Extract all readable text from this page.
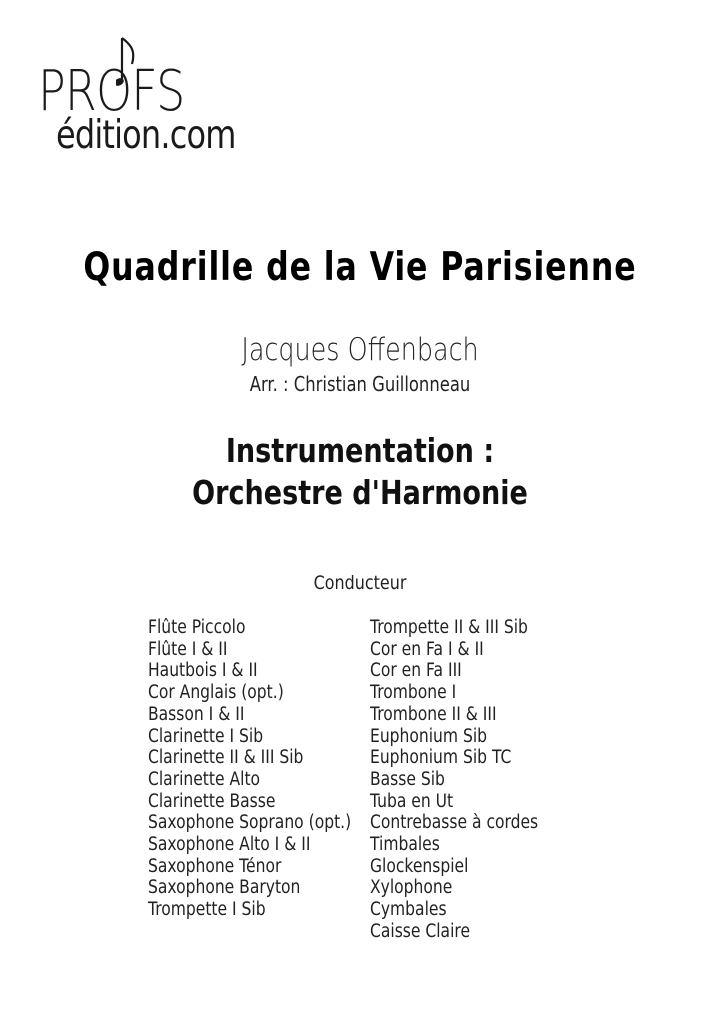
PROFS
édition.com
Quadrille de la Vie Parisienne
Jacques Offenbach
Arr. : Christian Guillonneau
Instrumentation :
Orchestre d'Harmonie
Conducteur
Flûte Piccolo
Flûte I & II
Hautbois I & II
Cor Anglais (opt.)
Basson I & II
Clarinette I Sib
Clarinette II & III Sib
Clarinette Alto
Clarinette Basse
Saxophone Soprano (opt.)
Saxophone Alto I & II
Saxophone Ténor
Saxophone Baryton
Trompette I Sib
Trompette II & III Sib
Cor en Fa I & II
Cor en Fa III
Trombone I
Trombone II & III
Euphonium Sib
Euphonium Sib TC
Basse Sib
Tuba en Ut
Contrebasse à cordes
Timbales
Glockenspiel
Xylophone
Cymbales
Caisse Claire
